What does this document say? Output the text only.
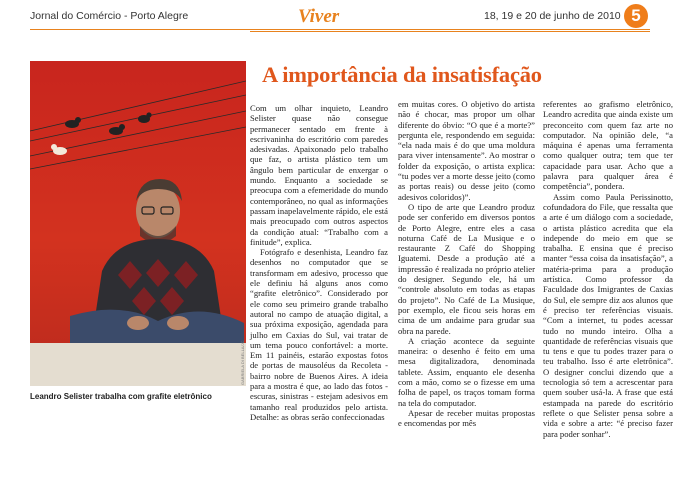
Jornal do Comércio - Porto Alegre	Viver	18, 19 e 20 de junho de 2010 5
GABRIELA DI BELLA/JC
Leandro Selister trabalha com grafite eletrônico
A importância da insatisfação

Com um olhar inquieto, Leandro Selister quase não consegue permanecer sentado em frente à escrivaninha do escritório com paredes adesivadas. Apaixonado pelo trabalho que faz, o artista plástico tem um ângulo bem particular de enxergar o mundo. Enquanto a sociedade se preocupa com a efemeridade do mundo contemporâneo, no qual as informações passam inapelavelmente rápido, ele está mais preocupado com outros aspectos da condição atual: “Trabalho com a finitude”, explica.

Fotógrafo e desenhista, Leandro faz desenhos no computador que se transformam em adesivo, processo que ele definiu há alguns anos como “grafite eletrônico”. Considerado por ele como seu primeiro grande trabalho autoral no campo de atuação digital, a sua próxima exposição, agendada para julho em Caxias do Sul, vai tratar de um tema pouco confortável: a morte. Em 11 painéis, estarão expostas fotos de portas de mausoléus da Recoleta - bairro nobre de Buenos Aires. A ideia para a mostra é que, ao lado das fotos - escuras, sinistras - estejam adesivos em tamanho real produzidos pelo artista. Detalhe: as obras serão confeccionadas

em muitas cores. O objetivo do artista não é chocar, mas propor um olhar diferente do óbvio: “O que é a morte?” pergunta ele, respondendo em seguida: “ela nada mais é do que uma moldura para viver intensamente”. Ao mostrar o folder da exposição, o artista explica: “tu podes ver a morte desse jeito (como as portas reais) ou desse jeito (como adesivos coloridos)”.

O tipo de arte que Leandro produz pode ser conferido em diversos pontos de Porto Alegre, entre eles a casa noturna Café de La Musique e o restaurante Z Café do Shopping Iguatemi. Desde a produção até a impressão é realizada no próprio atelier do designer. Segundo ele, há um “controle absoluto em todas as etapas do projeto”. No Café de La Musique, por exemplo, ele ficou seis horas em cima de um andaime para grudar sua obra na parede.

A criação acontece da seguinte maneira: o desenho é feito em uma mesa digitalizadora, denominada tablete. Assim, enquanto ele desenha com a mão, como se o fizesse em uma folha de papel, os traços tomam forma na tela do computador.

Apesar de receber muitas propostas e encomendas por mês

referentes ao grafismo eletrônico, Leandro acredita que ainda existe um preconceito com quem faz arte no computador. Na opinião dele, “a máquina é apenas uma ferramenta como qualquer outra; tem que ter capacidade para usar. Acho que a palavra para qualquer área é competência”, pondera.

Assim como Paula Perissinotto, cofundadora do File, que ressalta que a arte é um diálogo com a sociedade, o artista plástico acredita que ela independe do meio em que se trabalha. E ensina que é preciso manter “essa coisa da insatisfação”, a matéria-prima para a produção artística. Como professor da Faculdade dos Imigrantes de Caxias do Sul, ele sempre diz aos alunos que é preciso ter referências visuais. “Com a internet, tu podes acessar tudo no mundo inteiro. Olha a quantidade de referências visuais que tu tens e que tu podes trazer para o teu trabalho. Isso é arte eletrônica”. O designer conclui dizendo que a tecnologia só tem a acrescentar para quem souber usá-la. A frase que está estampada na parede do escritório reflete o que Selister pensa sobre a vida e sobre a arte: “é preciso fazer para poder sonhar”.
